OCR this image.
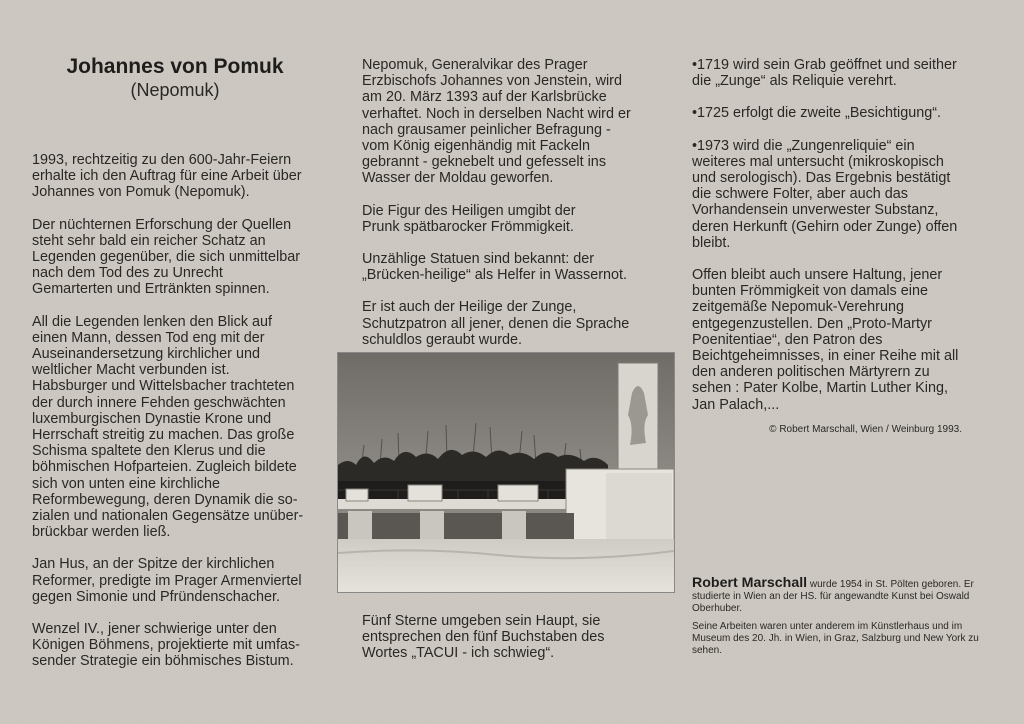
Johannes von Pomuk
(Nepomuk)

1993, rechtzeitig zu den 600-Jahr-Feiern
erhalte ich den Auftrag für eine Arbeit über
Johannes von Pomuk (Nepomuk).

Der nüchternen Erforschung der Quellen
steht sehr bald ein reicher Schatz an
Legenden gegenüber, die sich unmittelbar
nach dem Tod des zu Unrecht
Gemarterten und Ertränkten spinnen.

All die Legenden lenken den Blick auf
einen Mann, dessen Tod eng mit der
Auseinandersetzung kirchlicher und
weltlicher Macht verbunden ist.
Habsburger und Wittelsbacher trachteten
der durch innere Fehden geschwächten
luxemburgischen Dynastie Krone und
Herrschaft streitig zu machen. Das große
Schisma spaltete den Klerus und die
böhmischen Hofparteien. Zugleich bildete
sich von unten eine kirchliche
Reformbewegung, deren Dynamik die so-
zialen und nationalen Gegensätze unüber-
brückbar werden ließ.

Jan Hus, an der Spitze der kirchlichen
Reformer, predigte im Prager Armenviertel
gegen Simonie und Pfründenschacher.

Wenzel IV., jener schwierige unter den
Königen Böhmens, projektierte mit umfas-
sender Strategie ein böhmisches Bistum.

Nepomuk, Generalvikar des Prager
Erzbischofs Johannes von Jenstein, wird
am 20. März 1393 auf der Karlsbrücke
verhaftet. Noch in derselben Nacht wird er
nach grausamer peinlicher Befragung -
vom König eigenhändig mit Fackeln
gebrannt - geknebelt und gefesselt ins
Wasser der Moldau geworfen.

Die Figur des Heiligen umgibt der
Prunk spätbarocker Frömmigkeit.

Unzählige Statuen sind bekannt: der
„Brücken-heilige“ als Helfer in Wassernot.

Er ist auch der Heilige der Zunge,
Schutzpatron all jener, denen die Sprache
schuldlos geraubt wurde.

Fünf Sterne umgeben sein Haupt, sie
entsprechen den fünf Buchstaben des
Wortes „TACUI - ich schwieg“.

•1719 wird sein Grab geöffnet und seither
die „Zunge“ als Reliquie verehrt.

•1725 erfolgt die zweite „Besichtigung“.

•1973 wird die „Zungenreliquie“ ein
weiteres mal untersucht (mikroskopisch
und serologisch). Das Ergebnis bestätigt
die schwere Folter, aber auch das
Vorhandensein unverwester Substanz,
deren Herkunft (Gehirn oder Zunge) offen
bleibt.

Offen bleibt auch unsere Haltung, jener
bunten Frömmigkeit von damals eine
zeitgemäße Nepomuk-Verehrung
entgegenzustellen. Den „Proto-Martyr
Poenitentiae“, den Patron des
Beichtgeheimnisses, in einer Reihe mit all
den anderen politischen Märtyrern zu
sehen : Pater Kolbe, Martin Luther King,
Jan Palach,...

© Robert Marschall, Wien / Weinburg 1993.

Robert Marschall wurde 1954 in St. Pölten geboren. Er studierte in Wien an der HS. für angewandte Kunst bei Oswald Oberhuber.

Seine Arbeiten waren unter anderem im Künstlerhaus und im Museum des 20. Jh. in Wien, in Graz, Salzburg und New York zu sehen.
